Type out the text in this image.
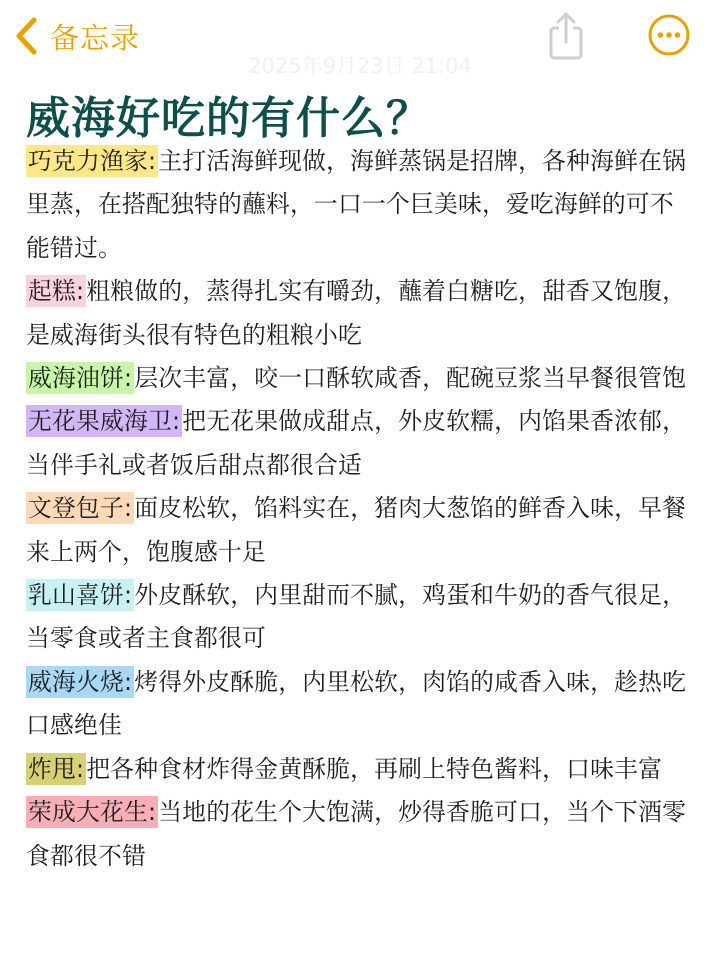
备忘录
2025年9月23日 21:04
威海好吃的有什么？
巧克力渔家:主打活海鲜现做，海鲜蒸锅是招牌，各种海鲜在锅里蒸，在搭配独特的蘸料，一口一个巨美味，爱吃海鲜的可不能错过。
起糕:粗粮做的，蒸得扎实有嚼劲，蘸着白糖吃，甜香又饱腹，是威海街头很有特色的粗粮小吃
威海油饼:层次丰富，咬一口酥软咸香，配碗豆浆当早餐很管饱
无花果威海卫:把无花果做成甜点，外皮软糯，内馅果香浓郁，当伴手礼或者饭后甜点都很合适
文登包子:面皮松软，馅料实在，猪肉大葱馅的鲜香入味，早餐来上两个，饱腹感十足
乳山喜饼:外皮酥软，内里甜而不腻，鸡蛋和牛奶的香气很足，当零食或者主食都很可
威海火烧:烤得外皮酥脆，内里松软，肉馅的咸香入味，趁热吃口感绝佳
炸甩:把各种食材炸得金黄酥脆，再刷上特色酱料，口味丰富
荣成大花生:当地的花生个大饱满，炒得香脆可口，当个下酒零食都很不错
